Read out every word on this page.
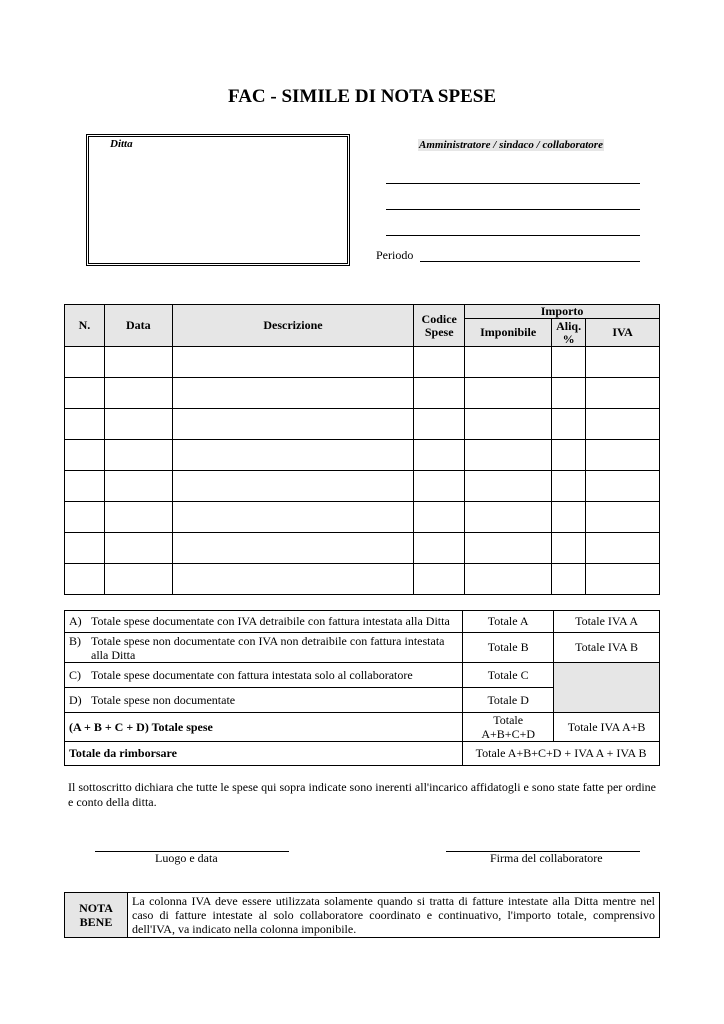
FAC - SIMILE DI NOTA SPESE
Ditta	Amministratore / sindaco / collaboratore
Periodo
N.	Data	Descrizione	Codice Spese	Importo		
				Imponibile	Aliq. %	IVA

A) Totale spese documentate con IVA detraibile con fattura intestata alla Ditta	Totale A	Totale IVA A

B) Totale spese non documentate con IVA non detraibile con fattura intestata alla Ditta	Totale B	Totale IVA B

C) Totale spese documentate con fattura intestata solo al collaboratore	Totale C	

D) Totale spese non documentate	Totale D	
(A + B + C + D) Totale spese	Totale A+B+C+D	Totale IVA A+B
Totale da rimborsare	Totale A+B+C+D + IVA A + IVA B	
Il sottoscritto dichiara che tutte le spese qui sopra indicate sono inerenti all'incarico affidatogli e sono state fatte per ordine e conto della ditta.
Luogo e data	Firma del collaboratore
NOTA BENE	La colonna IVA deve essere utilizzata solamente quando si tratta di fatture intestate alla Ditta mentre nel caso di fatture intestate al solo collaboratore coordinato e continuativo, l'importo totale, comprensivo dell'IVA, va indicato nella colonna imponibile.
